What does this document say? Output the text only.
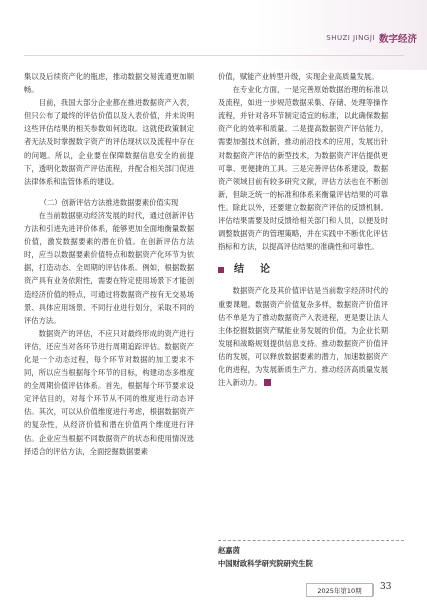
SHUZI JINGJI 数字经济

集以及后续资产化的瓶虑，推动数据交易流通更加顺畅。

目前，我国大部分企业都在推进数据资产入表，但只公布了最终的评估价值以及入表价值，并未说明这些评估结果的相关参数如何选取。这就使政策制定者无法及时掌握数字资产的评估现状以及流程中存在的问题。所以，企业要在保障数据信息安全的前提下，透明化数据资产评估流程，并配合相关部门促进法律体系和监管体系的建设。

（二）创新评估方法推进数据要素价值实现

在当前数据驱动经济发展的时代，通过创新评估方法和引进先进评价体系，能够更加全面地衡量数据价值，激发数据要素的潜在价值。在创新评估方法时，应当以数据要素价值特点和数据资产化环节为依据，打造动态、全周期的评估体系。例如，根据数据资产具有业务依附性，需要在特定使用场景下才能创造经济价值的特点，可通过将数据资产按有无交易场景、具体应用场景、不同行业进行划分，采取不同的评估方法。

数据资产的评估，不应只对最终形成的资产进行评估，还应当对各环节进行周期追踪评估。数据资产化是一个动态过程，每个环节对数据的加工要求不同，所以应当根据每个环节的目标，构建动态多维度的全周期价值评估体系。首先，根据每个环节要求设定评估目的，对每个环节从不同的维度进行动态评估。其次，可以从价值维度进行考虑，根据数据资产的复杂性，从经济价值和潜在价值两个维度进行评估。企业应当根据不同数据资产的状态和使用情况选择适合的评估方法，全面挖掘数据要素

价值，赋能产业转型升级，实现企业高质量发展。

在专业化方面，一是完善原始数据治理的标准以及流程，如进一步规范数据采集、存储、处理等操作流程，并针对各环节制定适宜的标准，以此确保数据资产化的效率和质量。二是提高数据资产评估能力，需要加强技术创新，推动前沿技术的应用，发展出针对数据资产评估的新型技术，为数据资产评估提供更可靠、更便捷的工具。三是完善评估体系建设，数据资产领域目前有较多研究文献，评估方法也在不断创新，但缺乏统一的标准和体系来衡量评估结果的可靠性。除此以外，还要建立数据资产评估的反馈机制。评估结果需要及时反馈给相关部门和人员，以便及时调整数据资产的管理策略，并在实践中不断优化评估指标和方法，以提高评估结果的准确性和可靠性。

结　论

数据资产化及其价值评估是当前数字经济时代的重要课题。数据资产价值复杂多样，数据资产价值评估不单是为了推动数据资产入表进程，更是要让法人主体挖掘数据资产赋能业务发展的价值，为企业长期发展和战略规划提供信息支持。推动数据资产价值评估的发展，可以释放数据要素的潜力，加速数据资产化的进程，为发展新质生产力、推动经济高质量发展注入新动力。

赵嘉茵
中国财政科学研究院研究生院
2025年第10期	33
